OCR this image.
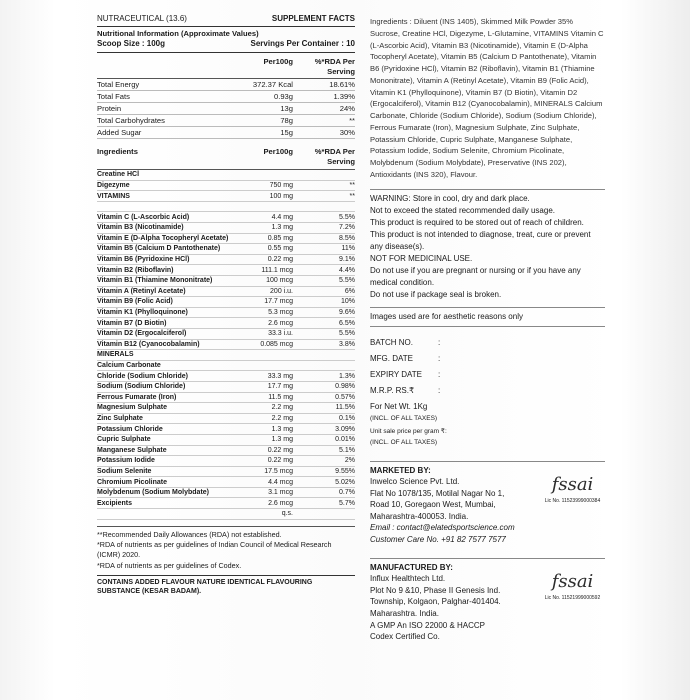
NUTRACEUTICAL (13.6)	SUPPLEMENT FACTS
Nutritional Information (Approximate Values)
Scoop Size : 100g	Servings Per Container : 10
Per100g	%*RDA Per Serving
Total Energy	372.37 Kcal	18.61%
Total Fats	0.93g	1.39%
Protein	13g	24%
Total Carbohydrates	78g	**
Added Sugar	15g	30%
Ingredients	Per100g	%*RDA Per Serving
Creatine HCl
Digezyme	750 mg	**
VITAMINS	100 mg	**
Vitamin C (L-Ascorbic Acid)	4.4 mg	5.5%
Vitamin B3 (Nicotinamide)	1.3 mg	7.2%
Vitamin E (D-Alpha Tocopheryl Acetate)	0.85 mg	8.5%
Vitamin B5 (Calcium D Pantothenate)	0.55 mg	11%
Vitamin B6 (Pyridoxine HCl)	0.22 mg	9.1%
Vitamin B2 (Riboflavin)	111.1 mcg	4.4%
Vitamin B1 (Thiamine Mononitrate)	100 mcg	5.5%
Vitamin A (Retinyl Acetate)	200 i.u.	6%
Vitamin B9 (Folic Acid)	17.7 mcg	10%
Vitamin K1 (Phylloquinone)	5.3 mcg	9.6%
Vitamin B7 (D Biotin)	2.6 mcg	6.5%
Vitamin D2 (Ergocalciferol)	33.3 i.u.	5.5%
Vitamin B12 (Cyanocobalamin)	0.085 mcg	3.8%
MINERALS
Calcium Carbonate
Chloride (Sodium Chloride)	33.3 mg	1.3%
Sodium (Sodium Chloride)	17.7 mg	0.98%
Ferrous Fumarate (Iron)	11.5 mg	0.57%
Magnesium Sulphate	2.2 mg	11.5%
Zinc Sulphate	2.2 mg	0.1%
Potassium Chloride	1.3 mg	3.09%
Cupric Sulphate	1.3 mg	0.01%
Manganese Sulphate	0.22 mg	5.1%
Potassium Iodide	0.22 mg	2%
Sodium Selenite	17.5 mcg	9.55%
Chromium Picolinate	4.4 mcg	5.02%
Molybdenum (Sodium Molybdate)	3.1 mcg	0.7%
Excipients	2.6 mcg	5.7%
q.s.

**Recommended Daily Allowances (RDA) not established.

*RDA of nutrients as per guidelines of Indian Council of Medical Research (ICMR) 2020.

*RDA of nutrients as per guidelines of Codex.

CONTAINS ADDED FLAVOUR NATURE IDENTICAL FLAVOURING SUBSTANCE (KESAR BADAM).
Ingredients : Diluent (INS 1405), Skimmed Milk Powder 35% Sucrose, Creatine HCl, Digezyme, L-Glutamine, VITAMINS Vitamin C (L-Ascorbic Acid), Vitamin B3 (Nicotinamide), Vitamin E (D-Alpha Tocopheryl Acetate), Vitamin B5 (Calcium D Pantothenate), Vitamin B6 (Pyridoxine HCl), Vitamin B2 (Riboflavin), Vitamin B1 (Thiamine Mononitrate), Vitamin A (Retinyl Acetate), Vitamin B9 (Folic Acid), Vitamin K1 (Phylloquinone), Vitamin B7 (D Biotin), Vitamin D2 (Ergocalciferol), Vitamin B12 (Cyanocobalamin), MINERALS Calcium Carbonate, Chloride (Sodium Chloride), Sodium (Sodium Chloride), Ferrous Fumarate (Iron), Magnesium Sulphate, Zinc Sulphate, Potassium Chloride, Cupric Sulphate, Manganese Sulphate, Potassium Iodide, Sodium Selenite, Chromium Picolinate, Molybdenum (Sodium Molybdate), Preservative (INS 202), Antioxidants (INS 320), Flavour.

WARNING: Store in cool, dry and dark place.

Not to exceed the stated recommended daily usage.

This product is required to be stored out of reach of children.

This product is not intended to diagnose, treat, cure or prevent any disease(s).

NOT FOR MEDICINAL USE.

Do not use if you are pregnant or nursing or if you have any medical condition.

Do not use if package seal is broken.

Images used are for aesthetic reasons only
BATCH NO.	:
MFG. DATE	:
EXPIRY DATE	:
M.R.P. RS.₹	:
For Net Wt. 1Kg
(INCL. OF ALL TAXES)
Unit sale price per gram ₹:
(INCL. OF ALL TAXES)

MARKETED BY:

Inwelco Science Pvt. Ltd.

Flat No 1078/135, Motilal Nagar No 1,

Road 10, Goregaon West, Mumbai,

Maharashtra-400053. India.

Email : contact@elatedsportscience.com

Customer Care No. +91 82 7577 7577

fssai
Lic No. 11523999000384

MANUFACTURED BY:

Influx Healthtech Ltd.

Plot No 9 &10, Phase II Genesis Ind.

Township, Kolgaon, Palghar-401404.

Maharashtra. India.

A GMP An ISO 22000 & HACCP

Codex Certified Co.

fssai
Lic No. 11521999000592
